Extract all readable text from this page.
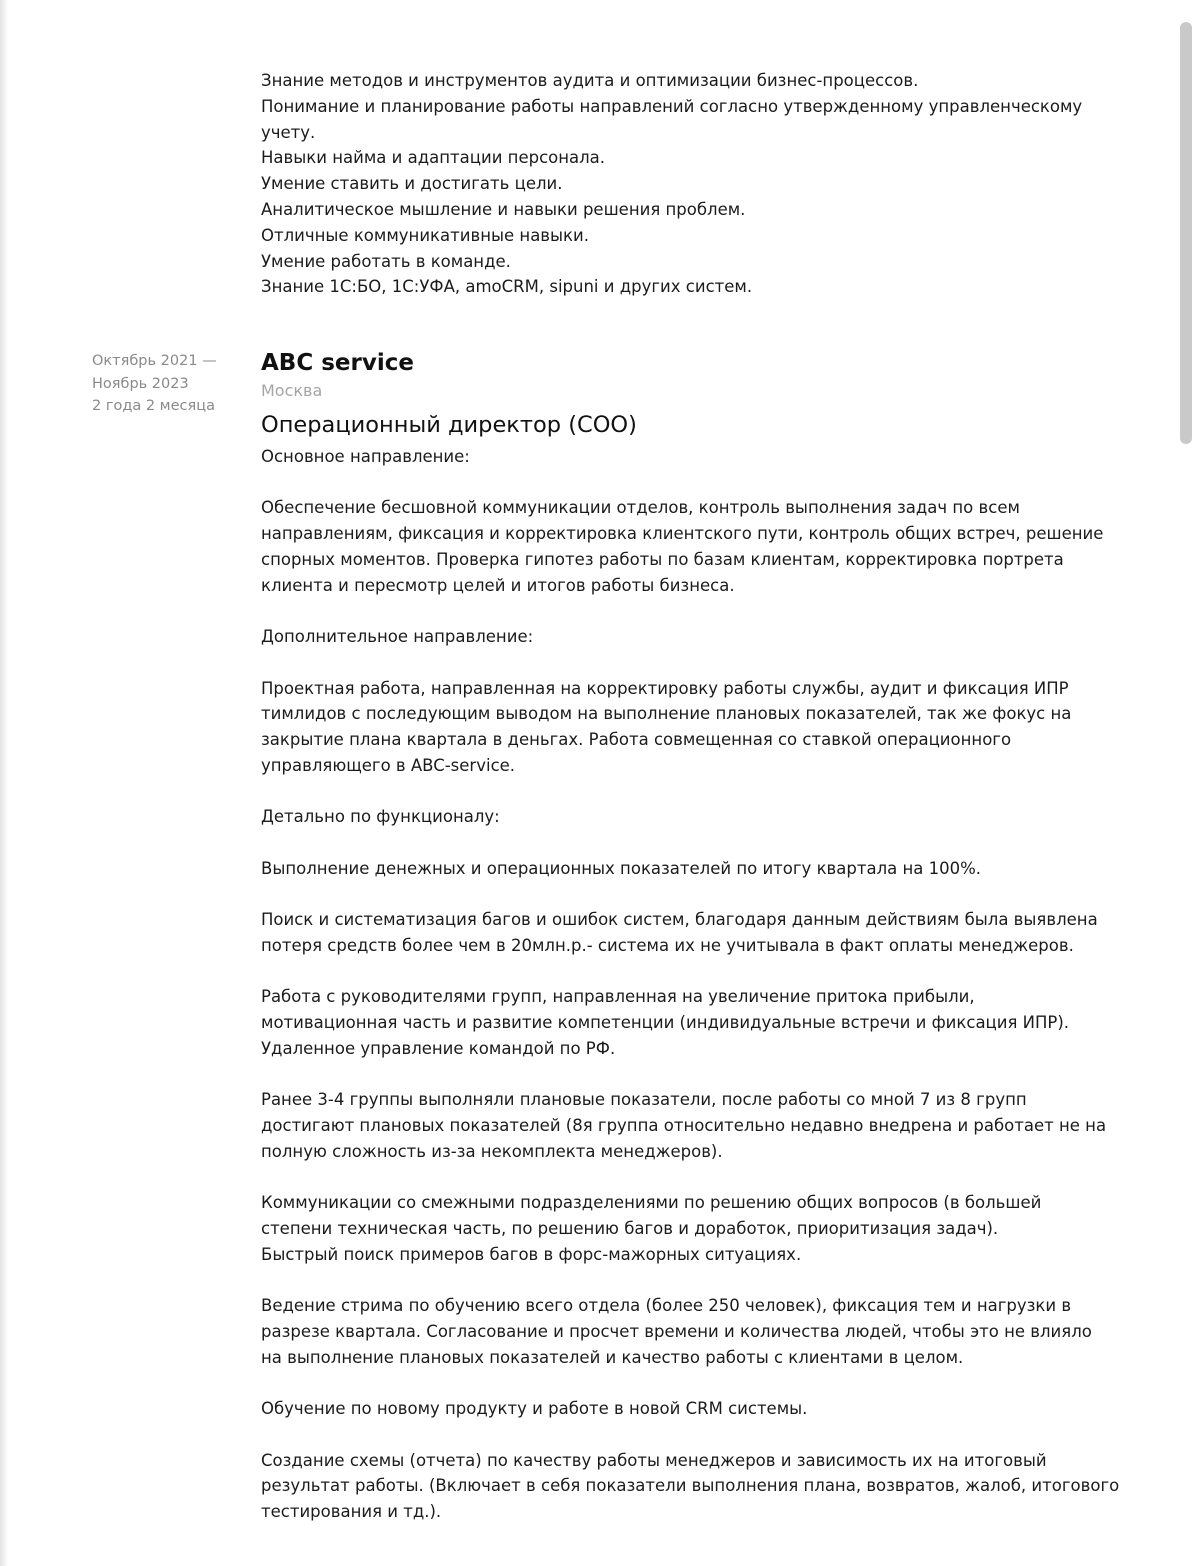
Знание методов и инструментов аудита и оптимизации бизнес-процессов.
Понимание и планирование работы направлений согласно утвержденному управленческому
учету.
Навыки найма и адаптации персонала.
Умение ставить и достигать цели.
Аналитическое мышление и навыки решения проблем.
Отличные коммуникативные навыки.
Умение работать в команде.
Знание 1С:БО, 1С:УФА, amoCRM, sipuni и других систем.
Октябрь 2021 —
Ноябрь 2023
2 года 2 месяца
ABC service
Москва
Операционный директор (COO)
Основное направление:
Обеспечение бесшовной коммуникации отделов, контроль выполнения задач по всем
направлениям, фиксация и корректировка клиентского пути, контроль общих встреч, решение
спорных моментов. Проверка гипотез работы по базам клиентам, корректировка портрета
клиента и пересмотр целей и итогов работы бизнеса.
Дополнительное направление:
Проектная работа, направленная на корректировку работы службы, аудит и фиксация ИПР
тимлидов с последующим выводом на выполнение плановых показателей, так же фокус на
закрытие плана квартала в деньгах. Работа совмещенная со ставкой операционного
управляющего в ABC-service.
Детально по функционалу:
Выполнение денежных и операционных показателей по итогу квартала на 100%.
Поиск и систематизация багов и ошибок систем, благодаря данным действиям была выявлена
потеря средств более чем в 20млн.р.- система их не учитывала в факт оплаты менеджеров.
Работа с руководителями групп, направленная на увеличение притока прибыли,
мотивационная часть и развитие компетенции (индивидуальные встречи и фиксация ИПР).
Удаленное управление командой по РФ.
Ранее 3-4 группы выполняли плановые показатели, после работы со мной 7 из 8 групп
достигают плановых показателей (8я группа относительно недавно внедрена и работает не на
полную сложность из-за некомплекта менеджеров).
Коммуникации со смежными подразделениями по решению общих вопросов (в большей
степени техническая часть, по решению багов и доработок, приоритизация задач).
Быстрый поиск примеров багов в форс-мажорных ситуациях.
Ведение стрима по обучению всего отдела (более 250 человек), фиксация тем и нагрузки в
разрезе квартала. Согласование и просчет времени и количества людей, чтобы это не влияло
на выполнение плановых показателей и качество работы с клиентами в целом.
Обучение по новому продукту и работе в новой CRM системы.
Создание схемы (отчета) по качеству работы менеджеров и зависимость их на итоговый
результат работы. (Включает в себя показатели выполнения плана, возвратов, жалоб, итогового
тестирования и тд.).
